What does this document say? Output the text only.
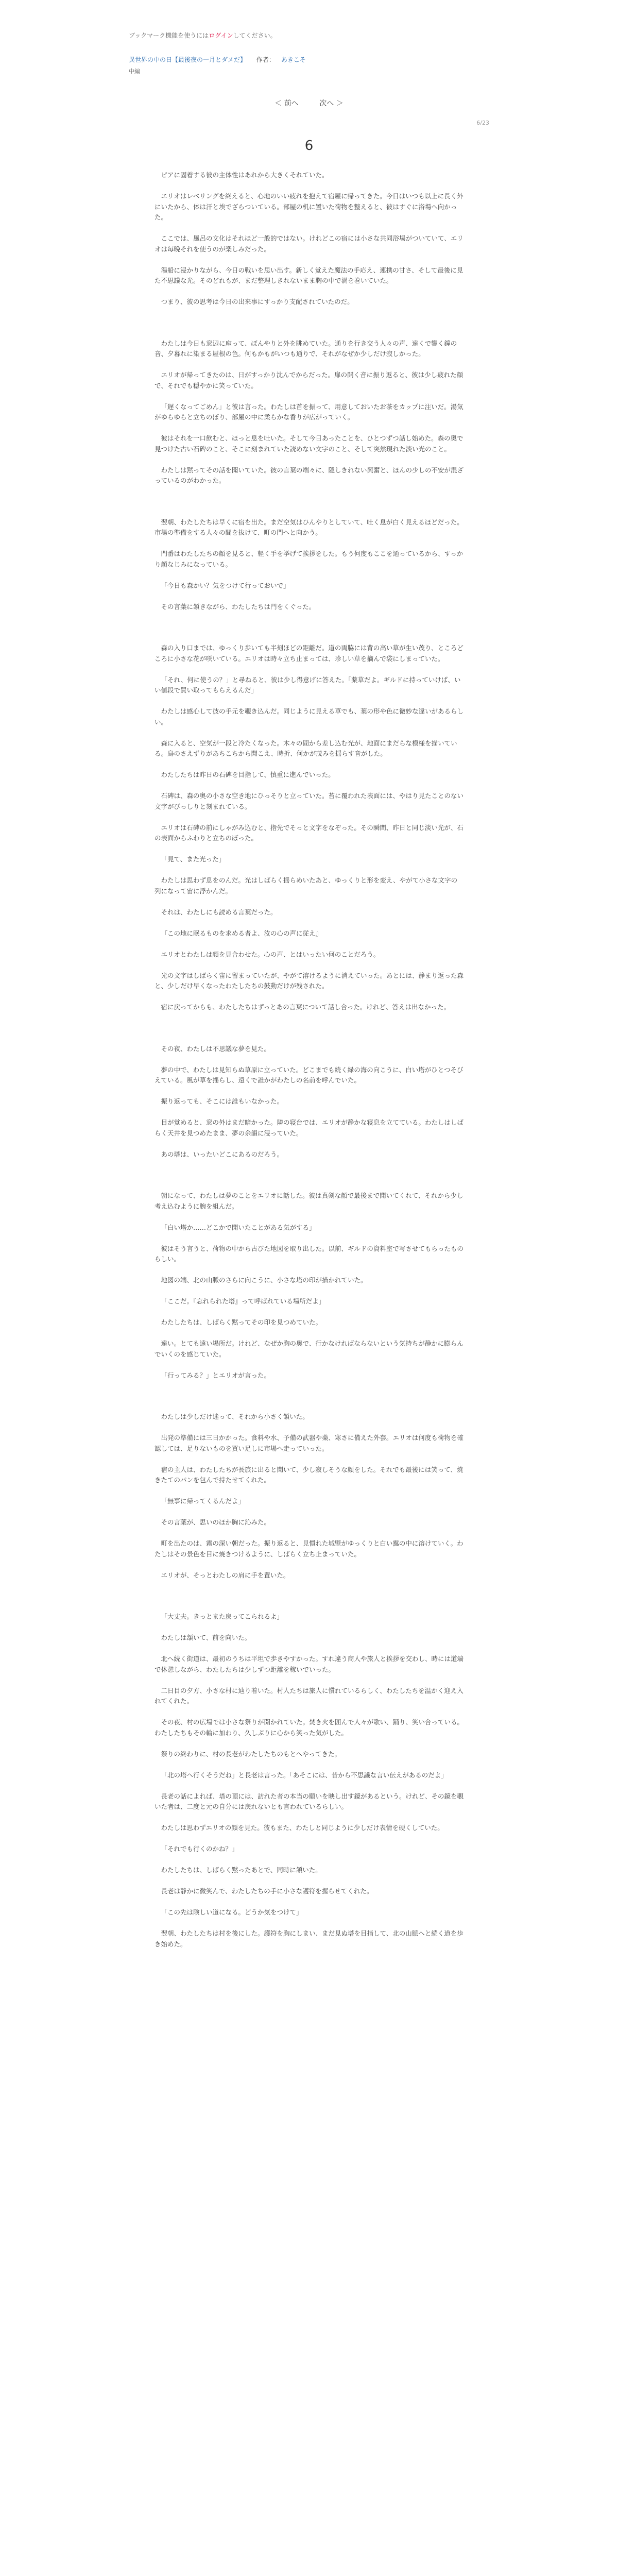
ブックマーク機能を使うにはログインしてください。
異世界の中の日【最後夜の一月とダメだ】 作者： あきこそ
中編
＜ 前へ	次へ ＞
6/23
6

ピアに固着する彼の主体性はあれから大きくそれていた。

エリオはレベリングを終えると、心地のいい疲れを抱えて宿屋に帰ってきた。今日はいつも以上に長く外にいたから、体は汗と埃でざらついている。部屋の机に置いた荷物を整えると、彼はすぐに浴場へ向かった。

ここでは、風呂の文化はそれほど一般的ではない。けれどこの宿には小さな共同浴場がついていて、エリオは毎晩それを使うのが楽しみだった。

湯船に浸かりながら、今日の戦いを思い出す。新しく覚えた魔法の手応え、連携の甘さ、そして最後に見た不思議な光。そのどれもが、まだ整理しきれないまま胸の中で渦を巻いていた。

つまり、彼の思考は今日の出来事にすっかり支配されていたのだ。

わたしは今日も窓辺に座って、ぼんやりと外を眺めていた。通りを行き交う人々の声、遠くで響く鐘の音、夕暮れに染まる屋根の色。何もかもがいつも通りで、それがなぜか少しだけ寂しかった。

エリオが帰ってきたのは、日がすっかり沈んでからだった。扉の開く音に振り返ると、彼は少し疲れた顔で、それでも穏やかに笑っていた。

「遅くなってごめん」と彼は言った。わたしは首を振って、用意しておいたお茶をカップに注いだ。湯気がゆらゆらと立ちのぼり、部屋の中に柔らかな香りが広がっていく。

彼はそれを一口飲むと、ほっと息を吐いた。そして今日あったことを、ひとつずつ話し始めた。森の奥で見つけた古い石碑のこと、そこに刻まれていた読めない文字のこと、そして突然現れた淡い光のこと。

わたしは黙ってその話を聞いていた。彼の言葉の端々に、隠しきれない興奮と、ほんの少しの不安が混ざっているのがわかった。

翌朝、わたしたちは早くに宿を出た。まだ空気はひんやりとしていて、吐く息が白く見えるほどだった。市場の準備をする人々の間を抜けて、町の門へと向かう。

門番はわたしたちの顔を見ると、軽く手を挙げて挨拶をした。もう何度もここを通っているから、すっかり顔なじみになっている。

「今日も森かい？気をつけて行っておいで」

その言葉に頷きながら、わたしたちは門をくぐった。

森の入り口までは、ゆっくり歩いても半刻ほどの距離だ。道の両脇には背の高い草が生い茂り、ところどころに小さな花が咲いている。エリオは時々立ち止まっては、珍しい草を摘んで袋にしまっていた。

「それ、何に使うの？」と尋ねると、彼は少し得意げに答えた。「薬草だよ。ギルドに持っていけば、いい値段で買い取ってもらえるんだ」

わたしは感心して彼の手元を覗き込んだ。同じように見える草でも、葉の形や色に微妙な違いがあるらしい。

森に入ると、空気が一段と冷たくなった。木々の間から差し込む光が、地面にまだらな模様を描いている。鳥のさえずりがあちこちから聞こえ、時折、何かが茂みを揺らす音がした。

わたしたちは昨日の石碑を目指して、慎重に進んでいった。

石碑は、森の奥の小さな空き地にひっそりと立っていた。苔に覆われた表面には、やはり見たことのない文字がびっしりと刻まれている。

エリオは石碑の前にしゃがみ込むと、指先でそっと文字をなぞった。その瞬間、昨日と同じ淡い光が、石の表面からふわりと立ちのぼった。

「見て、また光った」

わたしは思わず息をのんだ。光はしばらく揺らめいたあと、ゆっくりと形を変え、やがて小さな文字の列になって宙に浮かんだ。

それは、わたしにも読める言葉だった。

『この地に眠るものを求める者よ、汝の心の声に従え』

エリオとわたしは顔を見合わせた。心の声、とはいったい何のことだろう。

光の文字はしばらく宙に留まっていたが、やがて溶けるように消えていった。あとには、静まり返った森と、少しだけ早くなったわたしたちの鼓動だけが残された。

宿に戻ってからも、わたしたちはずっとあの言葉について話し合った。けれど、答えは出なかった。

その夜、わたしは不思議な夢を見た。

夢の中で、わたしは見知らぬ草原に立っていた。どこまでも続く緑の海の向こうに、白い塔がひとつそびえている。風が草を揺らし、遠くで誰かがわたしの名前を呼んでいた。

振り返っても、そこには誰もいなかった。

目が覚めると、窓の外はまだ暗かった。隣の寝台では、エリオが静かな寝息を立てている。わたしはしばらく天井を見つめたまま、夢の余韻に浸っていた。

あの塔は、いったいどこにあるのだろう。

朝になって、わたしは夢のことをエリオに話した。彼は真剣な顔で最後まで聞いてくれて、それから少し考え込むように腕を組んだ。

「白い塔か……どこかで聞いたことがある気がする」

彼はそう言うと、荷物の中から古びた地図を取り出した。以前、ギルドの資料室で写させてもらったものらしい。

地図の端、北の山脈のさらに向こうに、小さな塔の印が描かれていた。

「ここだ。『忘れられた塔』って呼ばれている場所だよ」

わたしたちは、しばらく黙ってその印を見つめていた。

遠い。とても遠い場所だ。けれど、なぜか胸の奥で、行かなければならないという気持ちが静かに膨らんでいくのを感じていた。

「行ってみる？」とエリオが言った。

わたしは少しだけ迷って、それから小さく頷いた。

出発の準備には三日かかった。食料や水、予備の武器や薬、寒さに備えた外套。エリオは何度も荷物を確認しては、足りないものを買い足しに市場へ走っていった。

宿の主人は、わたしたちが長旅に出ると聞いて、少し寂しそうな顔をした。それでも最後には笑って、焼きたてのパンを包んで持たせてくれた。

「無事に帰ってくるんだよ」

その言葉が、思いのほか胸に沁みた。

町を出たのは、霧の深い朝だった。振り返ると、見慣れた城壁がゆっくりと白い靄の中に溶けていく。わたしはその景色を目に焼きつけるように、しばらく立ち止まっていた。

エリオが、そっとわたしの肩に手を置いた。

「大丈夫。きっとまた戻ってこられるよ」

わたしは頷いて、前を向いた。

北へ続く街道は、最初のうちは平坦で歩きやすかった。すれ違う商人や旅人と挨拶を交わし、時には道端で休憩しながら、わたしたちは少しずつ距離を稼いでいった。

二日目の夕方、小さな村に辿り着いた。村人たちは旅人に慣れているらしく、わたしたちを温かく迎え入れてくれた。

その夜、村の広場では小さな祭りが開かれていた。焚き火を囲んで人々が歌い、踊り、笑い合っている。わたしたちもその輪に加わり、久しぶりに心から笑った気がした。

祭りの終わりに、村の長老がわたしたちのもとへやってきた。

「北の塔へ行くそうだね」と長老は言った。「あそこには、昔から不思議な言い伝えがあるのだよ」

長老の話によれば、塔の頂には、訪れた者の本当の願いを映し出す鏡があるという。けれど、その鏡を覗いた者は、二度と元の自分には戻れないとも言われているらしい。

わたしは思わずエリオの顔を見た。彼もまた、わたしと同じように少しだけ表情を硬くしていた。

「それでも行くのかね？」

わたしたちは、しばらく黙ったあとで、同時に頷いた。

長老は静かに微笑んで、わたしたちの手に小さな護符を握らせてくれた。

「この先は険しい道になる。どうか気をつけて」

翌朝、わたしたちは村を後にした。護符を胸にしまい、まだ見ぬ塔を目指して、北の山脈へと続く道を歩き始めた。
